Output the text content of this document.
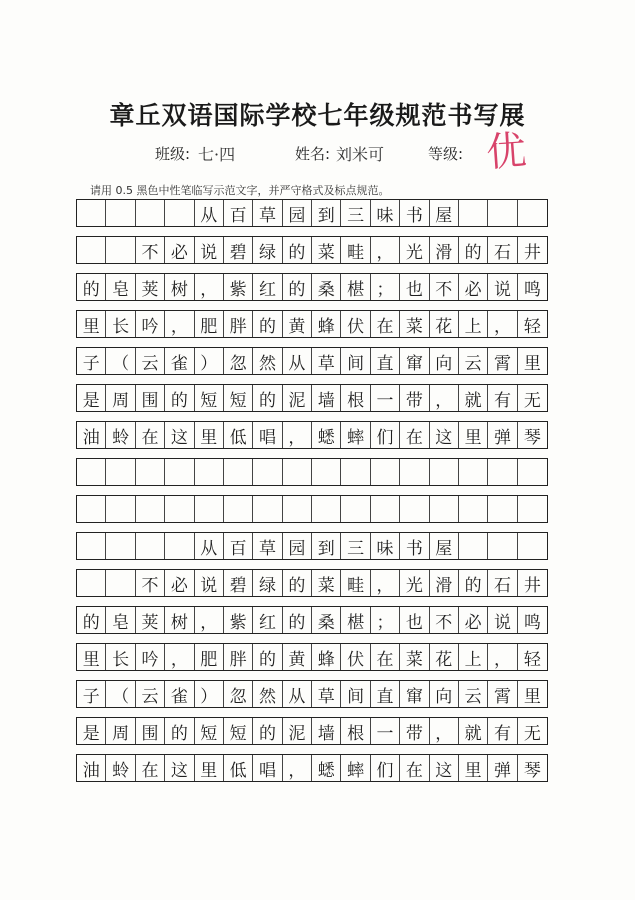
章丘双语国际学校七年级规范书写展
班级: 七·四	姓名: 刘米可	等级: 优
请用 0.5 黑色中性笔临写示范文字，并严守格式及标点规范。
从 百 草 园 到 三 味 书 屋
不 必 说 碧 绿 的 菜 畦 ， 光 滑 的 石 井
的 皂 荚 树 ， 紫 红 的 桑 椹 ； 也 不 必 说 鸣
里 长 吟 ， 肥 胖 的 黄 蜂 伏 在 菜 花 上 ， 轻
子 （ 云 雀 ） 忽 然 从 草 间 直 窜 向 云 霄 里
是 周 围 的 短 短 的 泥 墙 根 一 带 ， 就 有 无
油 蛉 在 这 里 低 唱 ， 蟋 蟀 们 在 这 里 弹 琴
从 百 草 园 到 三 味 书 屋
不 必 说 碧 绿 的 菜 畦 ， 光 滑 的 石 井
的 皂 荚 树 ， 紫 红 的 桑 椹 ； 也 不 必 说 鸣
里 长 吟 ， 肥 胖 的 黄 蜂 伏 在 菜 花 上 ， 轻
子 （ 云 雀 ） 忽 然 从 草 间 直 窜 向 云 霄 里
是 周 围 的 短 短 的 泥 墙 根 一 带 ， 就 有 无
油 蛉 在 这 里 低 唱 ， 蟋 蟀 们 在 这 里 弹 琴
